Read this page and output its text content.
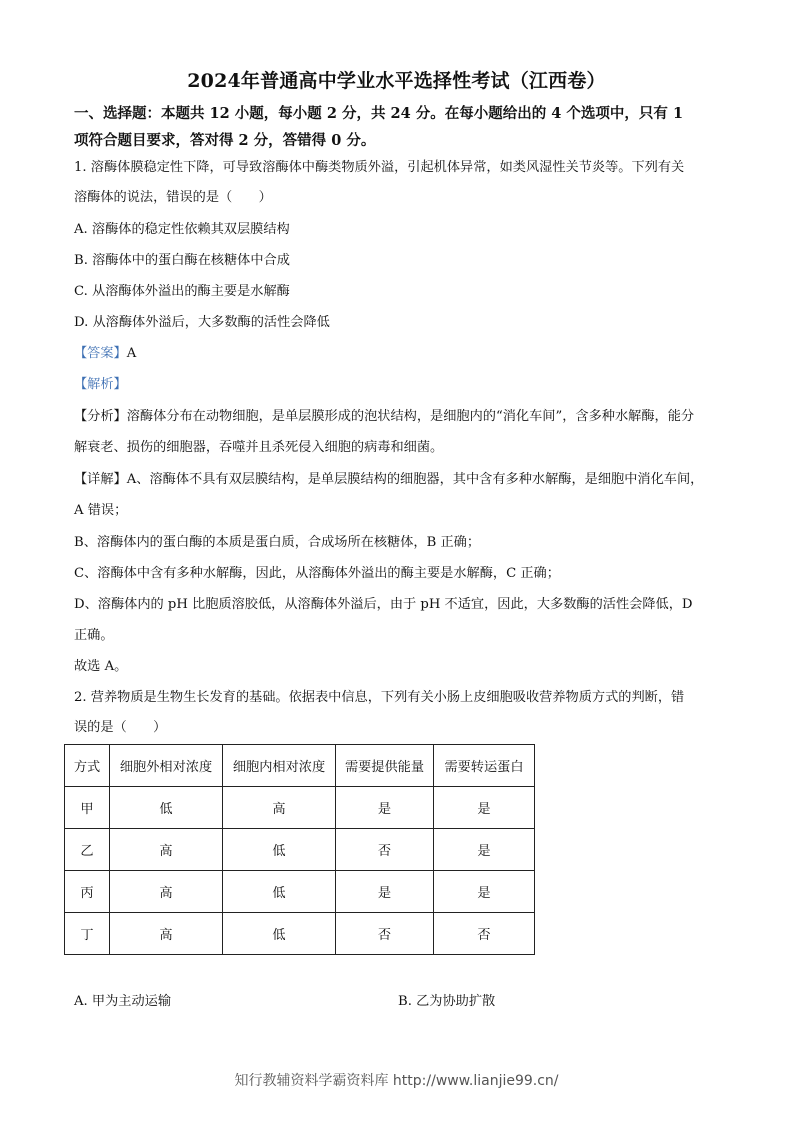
2024年普通高中学业水平选择性考试（江西卷）
一、选择题：本题共 12 小题，每小题 2 分，共 24 分。在每小题给出的 4 个选项中，只有 1
项符合题目要求，答对得 2 分，答错得 0 分。
1. 溶酶体膜稳定性下降，可导致溶酶体中酶类物质外溢，引起机体异常，如类风湿性关节炎等。下列有关
溶酶体的说法，错误的是（　　）
A. 溶酶体的稳定性依赖其双层膜结构
B. 溶酶体中的蛋白酶在核糖体中合成
C. 从溶酶体外溢出的酶主要是水解酶
D. 从溶酶体外溢后，大多数酶的活性会降低
【答案】A
【解析】
【分析】溶酶体分布在动物细胞，是单层膜形成的泡状结构，是细胞内的“消化车间”，含多种水解酶，能分
解衰老、损伤的细胞器，吞噬并且杀死侵入细胞的病毒和细菌。
【详解】A、溶酶体不具有双层膜结构，是单层膜结构的细胞器，其中含有多种水解酶，是细胞中消化车间，
A 错误；
B、溶酶体内的蛋白酶的本质是蛋白质，合成场所在核糖体，B 正确；
C、溶酶体中含有多种水解酶，因此，从溶酶体外溢出的酶主要是水解酶，C 正确；
D、溶酶体内的 pH 比胞质溶胶低，从溶酶体外溢后，由于 pH 不适宜，因此，大多数酶的活性会降低，D
正确。
故选 A。
2. 营养物质是生物生长发育的基础。依据表中信息，下列有关小肠上皮细胞吸收营养物质方式的判断，错
误的是（　　）
方式	细胞外相对浓度	细胞内相对浓度	需要提供能量	需要转运蛋白
甲	低	高	是	是
乙	高	低	否	是
丙	高	低	是	是
丁	高	低	否	否
A. 甲为主动运输	B. 乙为协助扩散
知行教辅资料学霸资料库 http://www.lianjie99.cn/
